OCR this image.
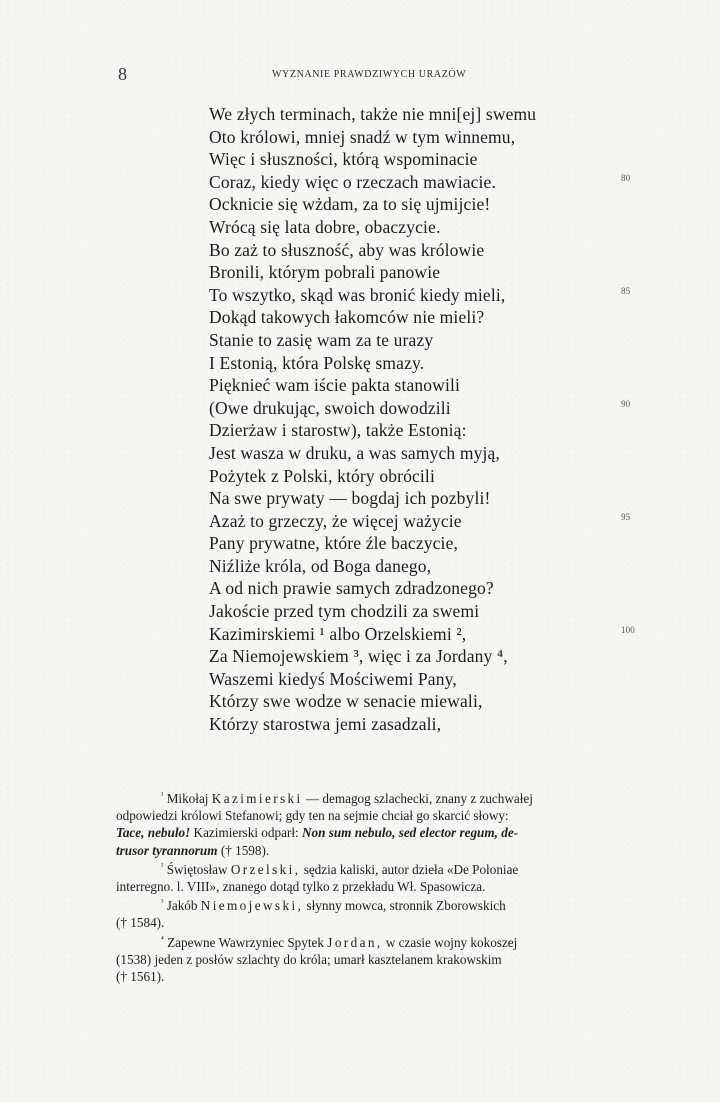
8	WYZNANIE PRAWDZIWYCH URAZÓW
We złych terminach, także nie mni[ej] swemu
Oto królowi, mniej snadź w tym winnemu,
Więc i słuszności, którą wspominacie
Coraz, kiedy więc o rzeczach mawiacie.	80
Ocknicie się wżdam, za to się ujmijcie!
Wrócą się lata dobre, obaczycie.
Bo zaż to słuszność, aby was królowie
Bronili, którym pobrali panowie
To wszytko, skąd was bronić kiedy mieli,	85
Dokąd takowych łakomców nie mieli?
Stanie to zasię wam za te urazy
I Estonią, która Polskę smazy.
Pięknieć wam iście pakta stanowili
(Owe drukując, swoich dowodzili	90
Dzierżaw i starostw), także Estonią:
Jest wasza w druku, a was samych myją,
Pożytek z Polski, który obrócili
Na swe prywaty — bogdaj ich pozbyli!
Azaż to grzeczy, że więcej ważycie	95
Pany prywatne, które źle baczycie,
Niźliże króla, od Boga danego,
A od nich prawie samych zdradzonego?
Jakoście przed tym chodzili za swemi
Kazimirskiemi ¹ albo Orzelskiemi ²,	100
Za Niemojewskiem ³, więc i za Jordany ⁴,
Waszemi kiedyś Mościwemi Pany,
Którzy swe wodze w senacie miewali,
Którzy starostwa jemi zasadzali,
$^{^1}$ Mikołaj Kazimierski — demagog szlachecki, znany z zuchwałej
odpowiedzi królowi Stefanowi; gdy ten na sejmie chciał go skarcić słowy:
Tace, nebulo! Kazimierski odparł: Non sum nebulo, sed elector regum, de-
trusor tyrannorum († 1598).
$^{^2}$ Świętosław Orzelski, sędzia kaliski, autor dzieła «De Poloniae
interregno. l. VIII», znanego dotąd tylko z przekładu Wł. Spasowicza.
$^{^3}$ Jakób Niemojewski, słynny mowca, stronnik Zborowskich
(† 1584).
$^{^4}$ Zapewne Wawrzyniec Spytek Jordan, w czasie wojny kokoszej
(1538) jeden z posłów szlachty do króla; umarł kasztelanem krakowskim
(† 1561).
